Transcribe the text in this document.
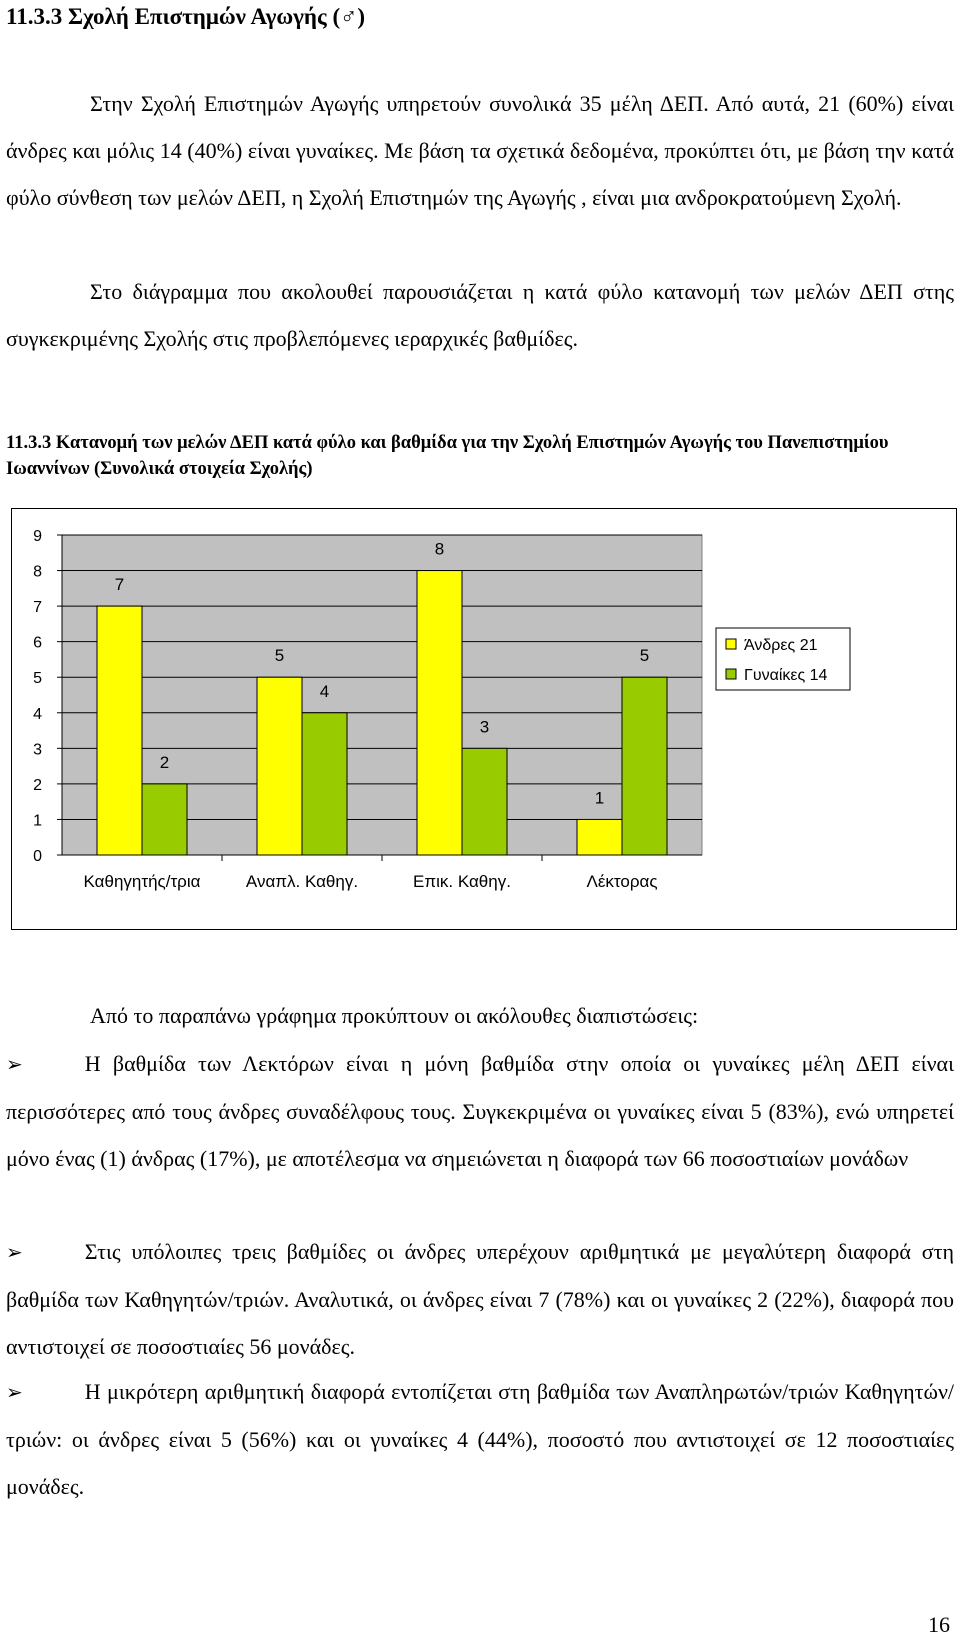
11.3.3 Σχολή Επιστημών Αγωγής (♂)
Στην Σχολή Επιστημών Αγωγής υπηρετούν συνολικά 35 μέλη ΔΕΠ. Από αυτά, 21 (60%) είναι άνδρες και μόλις 14 (40%) είναι γυναίκες. Με βάση τα σχετικά δεδομένα, προκύπτει ότι, με βάση την κατά φύλο σύνθεση των μελών ΔΕΠ, η Σχολή Επιστημών της Αγωγής , είναι μια ανδροκρατούμενη Σχολή.
Στο διάγραμμα που ακολουθεί παρουσιάζεται η κατά φύλο κατανομή των μελών ΔΕΠ στης συγκεκριμένης Σχολής στις προβλεπόμενες ιεραρχικές βαθμίδες.
11.3.3 Κατανομή των μελών ΔΕΠ κατά φύλο και βαθμίδα για την Σχολή Επιστημών Αγωγής του Πανεπιστημίου Ιωαννίνων (Συνολικά στοιχεία Σχολής)
0
1
2
3
4
5
6
7
8
9
7
2
Καθηγητής/τρια
5
4
Αναπλ. Καθηγ.
8
3
Επικ. Καθηγ.
1
5
Λέκτορας
Άνδρες 21
Γυναίκες 14
Από το παραπάνω γράφημα προκύπτουν οι ακόλουθες διαπιστώσεις:
➢	Η βαθμίδα των Λεκτόρων είναι η μόνη βαθμίδα στην οποία οι γυναίκες μέλη ΔΕΠ είναι περισσότερες από τους άνδρες συναδέλφους τους. Συγκεκριμένα οι γυναίκες είναι 5 (83%), ενώ υπηρετεί μόνο ένας (1) άνδρας (17%), με αποτέλεσμα να σημειώνεται η διαφορά των 66 ποσοστιαίων μονάδων
➢	Στις υπόλοιπες τρεις βαθμίδες οι άνδρες υπερέχουν αριθμητικά με μεγαλύτερη διαφορά στη βαθμίδα των Καθηγητών/τριών. Αναλυτικά, οι άνδρες είναι 7 (78%) και οι γυναίκες 2 (22%), διαφορά που αντιστοιχεί σε ποσοστιαίες 56 μονάδες.
➢	Η μικρότερη αριθμητική διαφορά εντοπίζεται στη βαθμίδα των Αναπληρωτών/τριών Καθηγητών/τριών: οι άνδρες είναι 5 (56%) και οι γυναίκες 4 (44%), ποσοστό που αντιστοιχεί σε 12 ποσοστιαίες μονάδες.
16
